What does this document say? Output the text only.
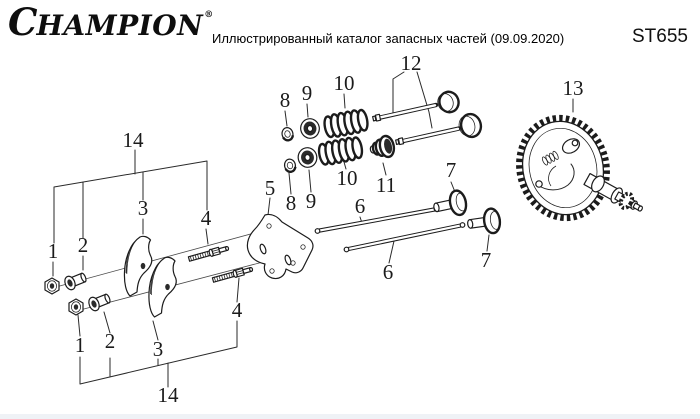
CHAMPION®
Иллюстрированный каталог запасных частей (09.09.2020)	ST655
14
1 2
3	4
5
8 9 10
12
13
8 9
10 11
6
7
6	7
1 2 3
4
14
